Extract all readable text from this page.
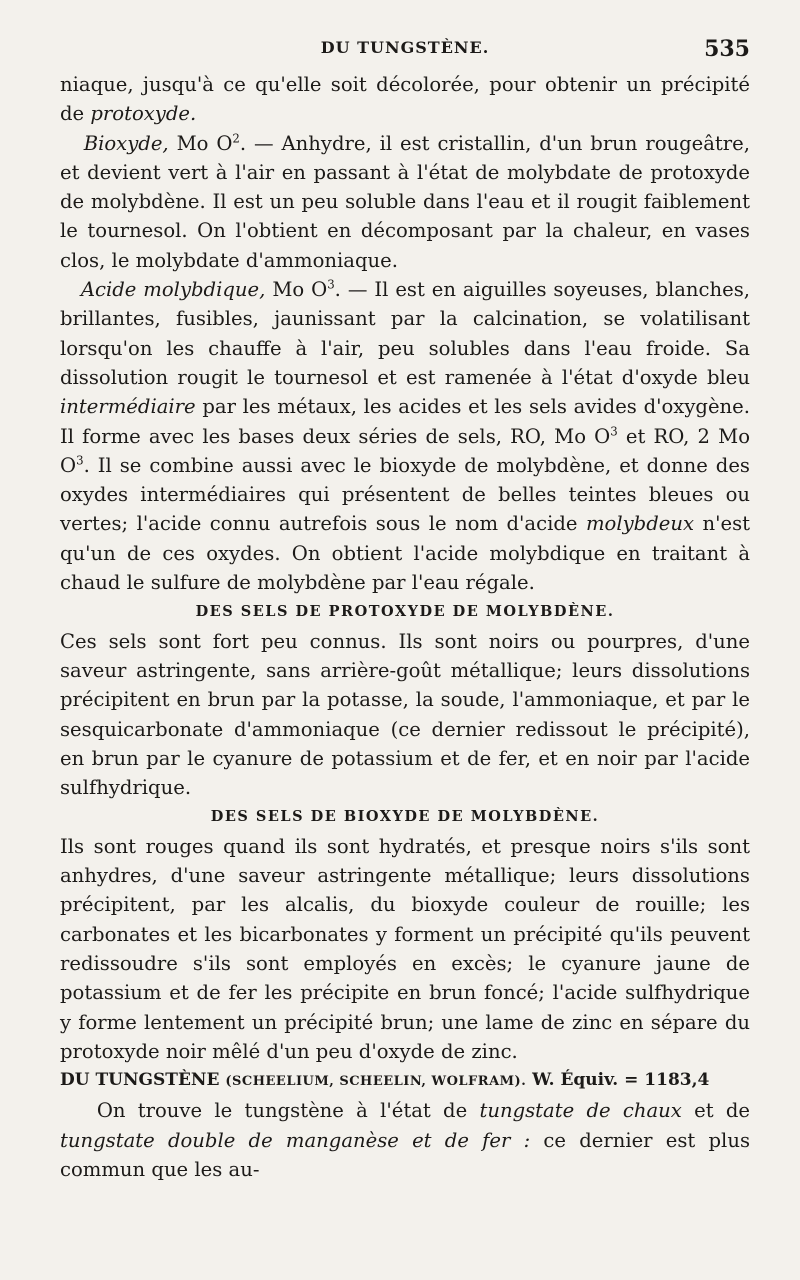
DU TUNGSTÈNE.	535

niaque, jusqu'à ce qu'elle soit décolorée, pour obtenir un précipité de protoxyde.

Bioxyde, Mo $O^2$. — Anhydre, il est cristallin, d'un brun rougeâtre, et devient vert à l'air en passant à l'état de molybdate de protoxyde de molybdène. Il est un peu soluble dans l'eau et il rougit faiblement le tournesol. On l'obtient en décomposant par la chaleur, en vases clos, le molybdate d'ammoniaque.

Acide molybdique, Mo $O^3$. — Il est en aiguilles soyeuses, blanches, brillantes, fusibles, jaunissant par la calcination, se volatilisant lorsqu'on les chauffe à l'air, peu solubles dans l'eau froide. Sa dissolution rougit le tournesol et est ramenée à l'état d'oxyde bleu intermédiaire par les métaux, les acides et les sels avides d'oxygène. Il forme avec les bases deux séries de sels, RO, Mo $O^3$ et RO, 2 Mo $O^3$. Il se combine aussi avec le bioxyde de molybdène, et donne des oxydes intermédiaires qui présentent de belles teintes bleues ou vertes; l'acide connu autrefois sous le nom d'acide molybdeux n'est qu'un de ces oxydes. On obtient l'acide molybdique en traitant à chaud le sulfure de molybdène par l'eau régale.

DES SELS DE PROTOXYDE DE MOLYBDÈNE.

Ces sels sont fort peu connus. Ils sont noirs ou pourpres, d'une saveur astringente, sans arrière-goût métallique; leurs dissolutions précipitent en brun par la potasse, la soude, l'ammoniaque, et par le sesquicarbonate d'ammoniaque (ce dernier redissout le précipité), en brun par le cyanure de potassium et de fer, et en noir par l'acide sulfhydrique.

DES SELS DE BIOXYDE DE MOLYBDÈNE.

Ils sont rouges quand ils sont hydratés, et presque noirs s'ils sont anhydres, d'une saveur astringente métallique; leurs dissolutions précipitent, par les alcalis, du bioxyde couleur de rouille; les carbonates et les bicarbonates y forment un précipité qu'ils peuvent redissoudre s'ils sont employés en excès; le cyanure jaune de potassium et de fer les précipite en brun foncé; l'acide sulfhydrique y forme lentement un précipité brun; une lame de zinc en sépare du protoxyde noir mêlé d'un peu d'oxyde de zinc.

DU TUNGSTÈNE (SCHEELIUM, SCHEELIN, WOLFRAM). W. Équiv. = 1183,4

On trouve le tungstène à l'état de tungstate de chaux et de tungstate double de manganèse et de fer : ce dernier est plus commun que les au-
